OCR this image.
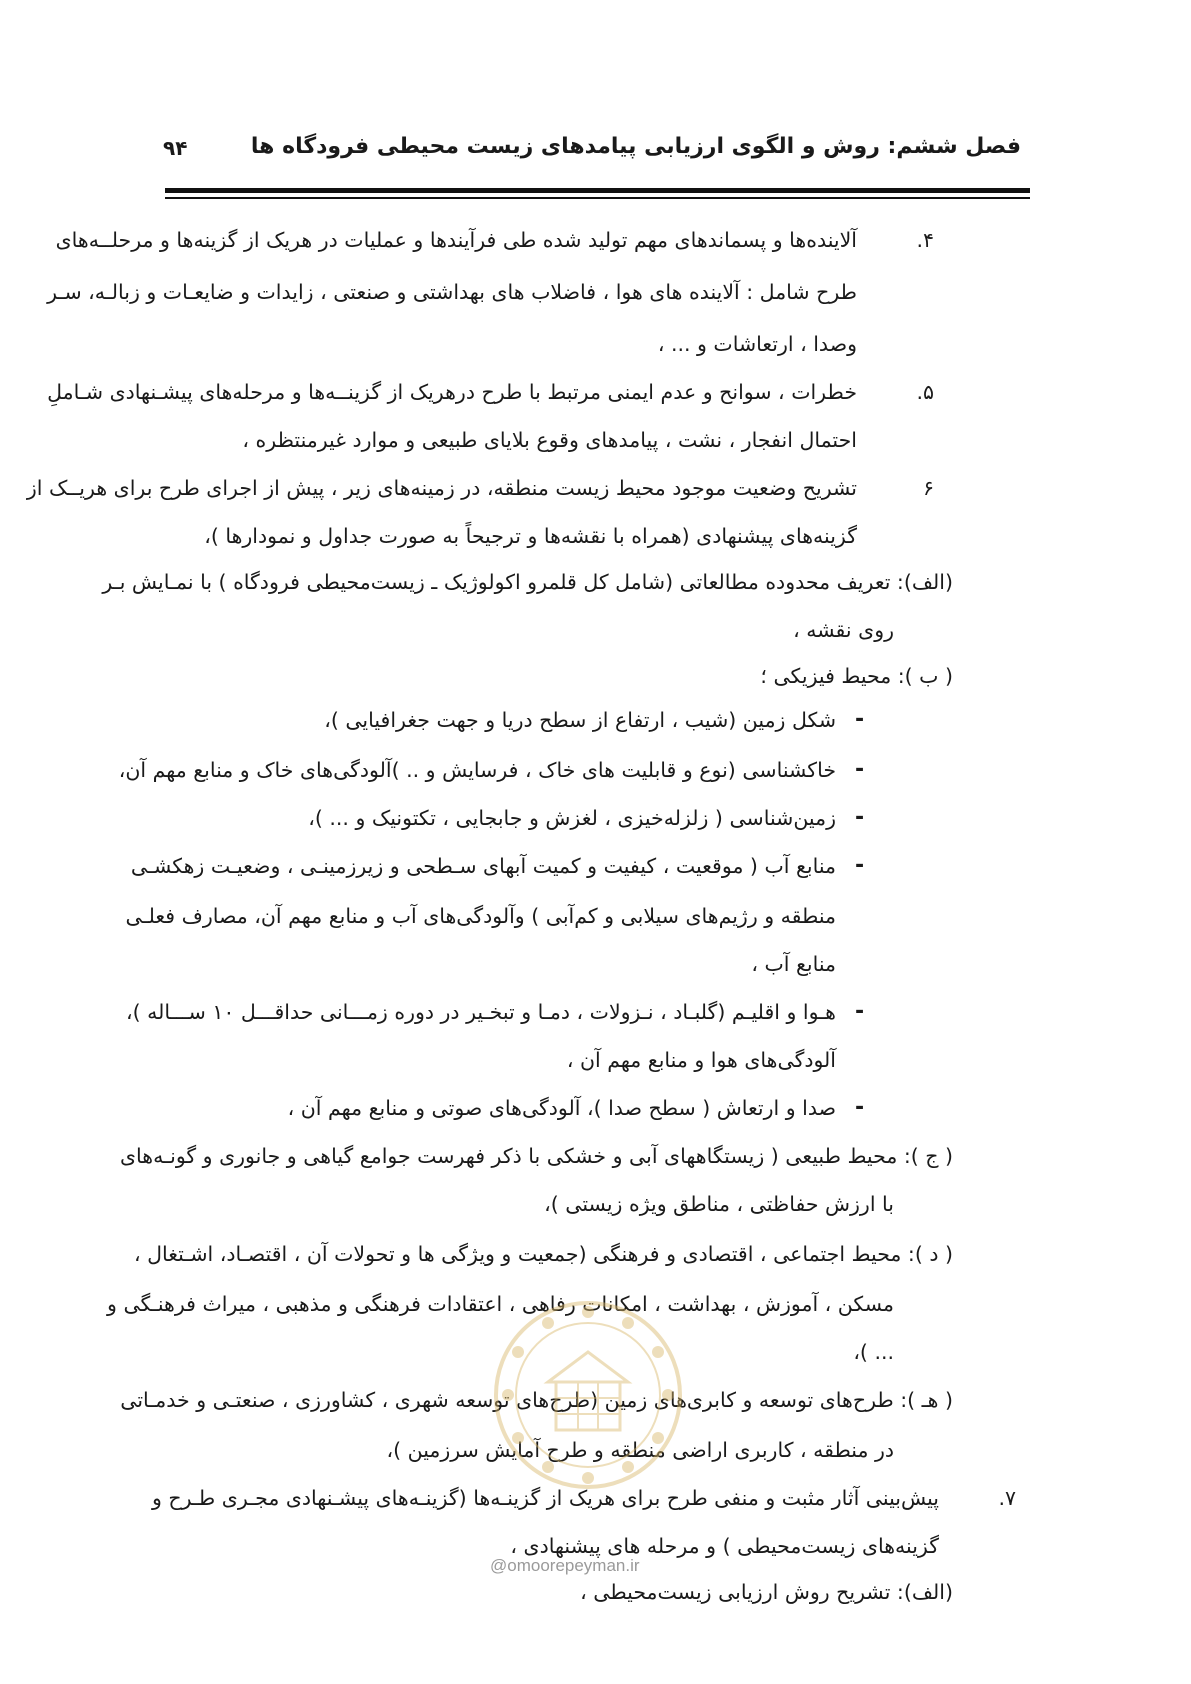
فصل ششم: روش و الگوی ارزیابی پیامدهای زیست محیطی فرودگاه ها
۹۴
۴.
آلاینده‌ها و پسماندهای مهم تولید شده طی فرآیندها و عملیات در هریک از گزینه‌ها و مرحلــه‌های
طرح شامل : آلاینده های هوا ، فاضلاب های بهداشتی و صنعتی ، زایدات و ضایعـات و زبالـه، سـر
وصدا ، ارتعاشات و ... ،
۵.
خطرات ، سوانح و عدم ایمنی مرتبط با طرح درهریک از گزینــه‌ها و مرحله‌های پیشـنهادی شـاملِ
احتمال انفجار ، نشت ، پیامدهای وقوع بلایای طبیعی و موارد غیرمنتظره ،
۶
تشریح وضعیت موجود محیط زیست منطقه، در زمینه‌های زیر ، پیش از اجرای طرح برای هریــک از
گزینه‌های پیشنهادی (همراه با نقشه‌ها و ترجیحاً به صورت جداول و نمودارها )،
(الف): تعریف محدوده مطالعاتی (شامل کل قلمرو اکولوژیک ـ زیست‌محیطی فرودگاه ) با نمـایش بـر
روی نقشه ،
( ب ): محیط فیزیکی ؛
-
شکل زمین (شیب ، ارتفاع از سطح دریا و جهت جغرافیایی )،
-
خاکشناسی (نوع و قابلیت های خاک ، فرسایش و .. )آلودگی‌های خاک و منابع مهم آن،
-
زمین‌شناسی ( زلزله‌خیزی ، لغزش و جابجایی ، تکتونیک و ... )،
-
منابع آب ( موقعیت ، کیفیت و کمیت آبهای سـطحی و زیرزمینـی ، وضعیـت زهکشـی
منطقه و رژیم‌های سیلابی و کم‌آبی ) وآلودگی‌های آب و منابع مهم آن، مصارف فعلـی
منابع آب ،
-
هـوا و اقلیـم (گلبـاد ، نـزولات ، دمـا و تبخـیر در دوره زمـــانی حداقـــل ۱۰ ســـاله )،
آلودگی‌های هوا و منابع مهم آن ،
-
صدا و ارتعاش ( سطح صدا )، آلودگی‌های صوتی و منابع مهم آن ،
( ج ): محیط طبیعی ( زیستگاههای آبی و خشکی با ذکر فهرست جوامع گیاهی و جانوری و گونـه‌های
با ارزش حفاظتی ، مناطق ویژه زیستی )،
( د ): محیط اجتماعی ، اقتصادی و فرهنگی (جمعیت و ویژگی ها و تحولات آن ، اقتصـاد، اشـتغال ،
مسکن ، آموزش ، بهداشت ، امکانات رفاهی ، اعتقادات فرهنگی و مذهبی ، میراث فرهنـگی و
... )،
( هـ ): طرح‌های توسعه و کابری‌های زمین (طرح‌های توسعه شهری ، کشاورزی ، صنعتـی و خدمـاتی
در منطقه ، کاربری اراضی منطقه و طرح آمایش سرزمین )،
۷.
پیش‌بینی آثار مثبت و منفی طرح برای هریک از گزینـه‌ها (گزینـه‌های پیشـنهادی مجـری طـرح و
گزینه‌های زیست‌محیطی ) و مرحله های پیشنهادی ،
(الف): تشریح روش ارزیابی زیست‌محیطی ،
@omoorepeyman.ir
